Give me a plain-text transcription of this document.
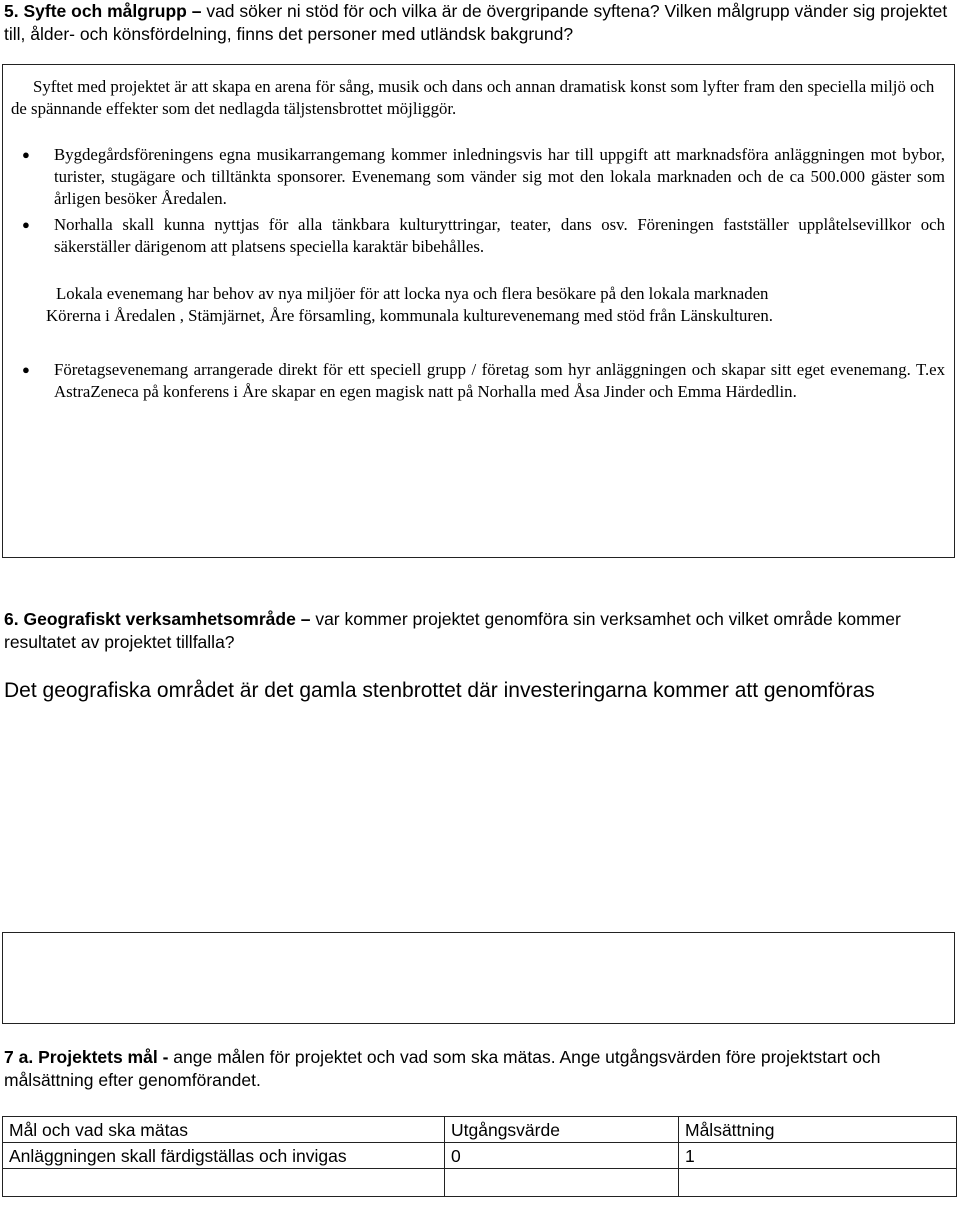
5. Syfte och målgrupp – vad söker ni stöd för och vilka är de övergripande syftena? Vilken målgrupp vänder sig projektet till, ålder- och könsfördelning, finns det personer med utländsk bakgrund?
Syftet med projektet är att skapa en arena för sång, musik och dans och annan dramatisk konst som lyfter fram den speciella miljö och de spännande effekter som det nedlagda täljstensbrottet möjliggör.
● Bygdegårdsföreningens egna musikarrangemang kommer inledningsvis har till uppgift att marknadsföra anläggningen mot bybor, turister, stugägare och tilltänkta sponsorer. Evenemang som vänder sig mot den lokala marknaden och de ca 500.000 gäster som årligen besöker Åredalen.
● Norhalla skall kunna nyttjas för alla tänkbara kulturyttringar, teater, dans osv. Föreningen fastställer upplåtelsevillkor och säkerställer därigenom att platsens speciella karaktär bibehålles.
Lokala evenemang har behov av nya miljöer för att locka nya och flera besökare på den lokala marknaden
Körerna i Åredalen , Stämjärnet, Åre församling, kommunala kulturevenemang med stöd från Länskulturen.
● Företagsevenemang arrangerade direkt för ett speciell grupp / företag som hyr anläggningen och skapar sitt eget evenemang. T.ex AstraZeneca på konferens i Åre skapar en egen magisk natt på Norhalla med Åsa Jinder och Emma Härdedlin.
6. Geografiskt verksamhetsområde – var kommer projektet genomföra sin verksamhet och vilket område kommer resultatet av projektet tillfalla?
Det geografiska området är det gamla stenbrottet där investeringarna kommer att genomföras
7 a. Projektets mål - ange målen för projektet och vad som ska mätas. Ange utgångsvärden före projektstart och målsättning efter genomförandet.
Mål och vad ska mätas	Utgångsvärde	Målsättning
Anläggningen skall färdigställas och invigas	0	1
